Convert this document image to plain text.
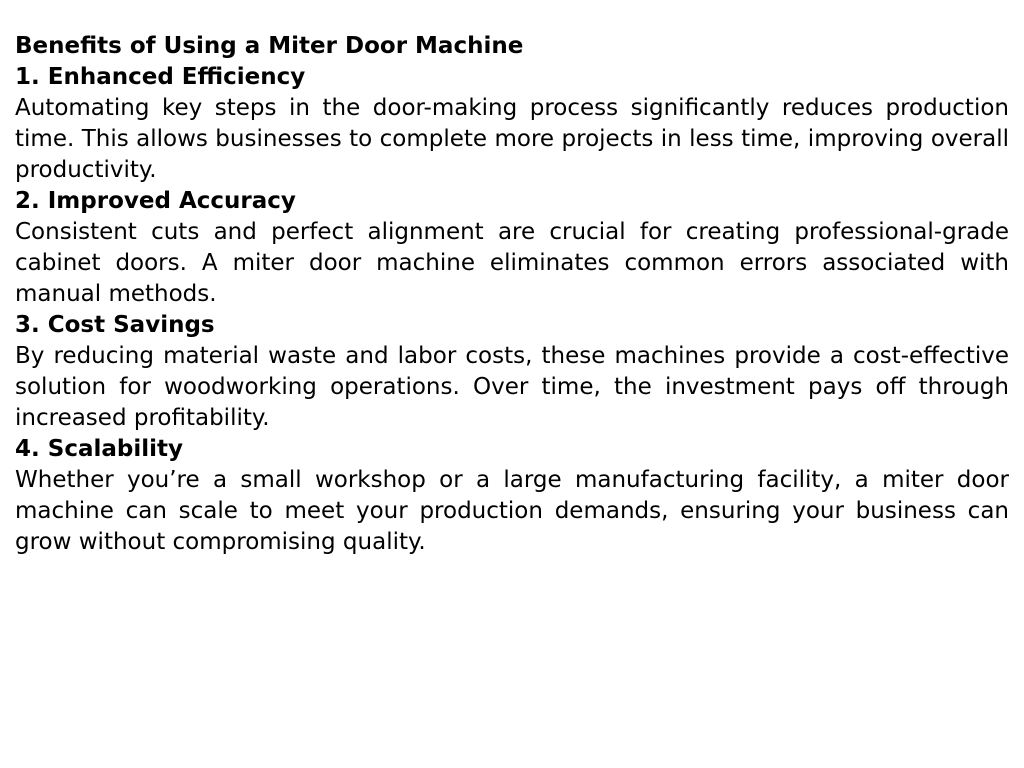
Benefits of Using a Miter Door Machine
1. Enhanced Efficiency

Automating key steps in the door-making process significantly reduces production time. This allows businesses to complete more projects in less time, improving overall productivity.

2. Improved Accuracy

Consistent cuts and perfect alignment are crucial for creating professional-grade cabinet doors. A miter door machine eliminates common errors associated with manual methods.

3. Cost Savings

By reducing material waste and labor costs, these machines provide a cost-effective solution for woodworking operations. Over time, the investment pays off through increased profitability.

4. Scalability

Whether you’re a small workshop or a large manufacturing facility, a miter door machine can scale to meet your production demands, ensuring your business can grow without compromising quality.
